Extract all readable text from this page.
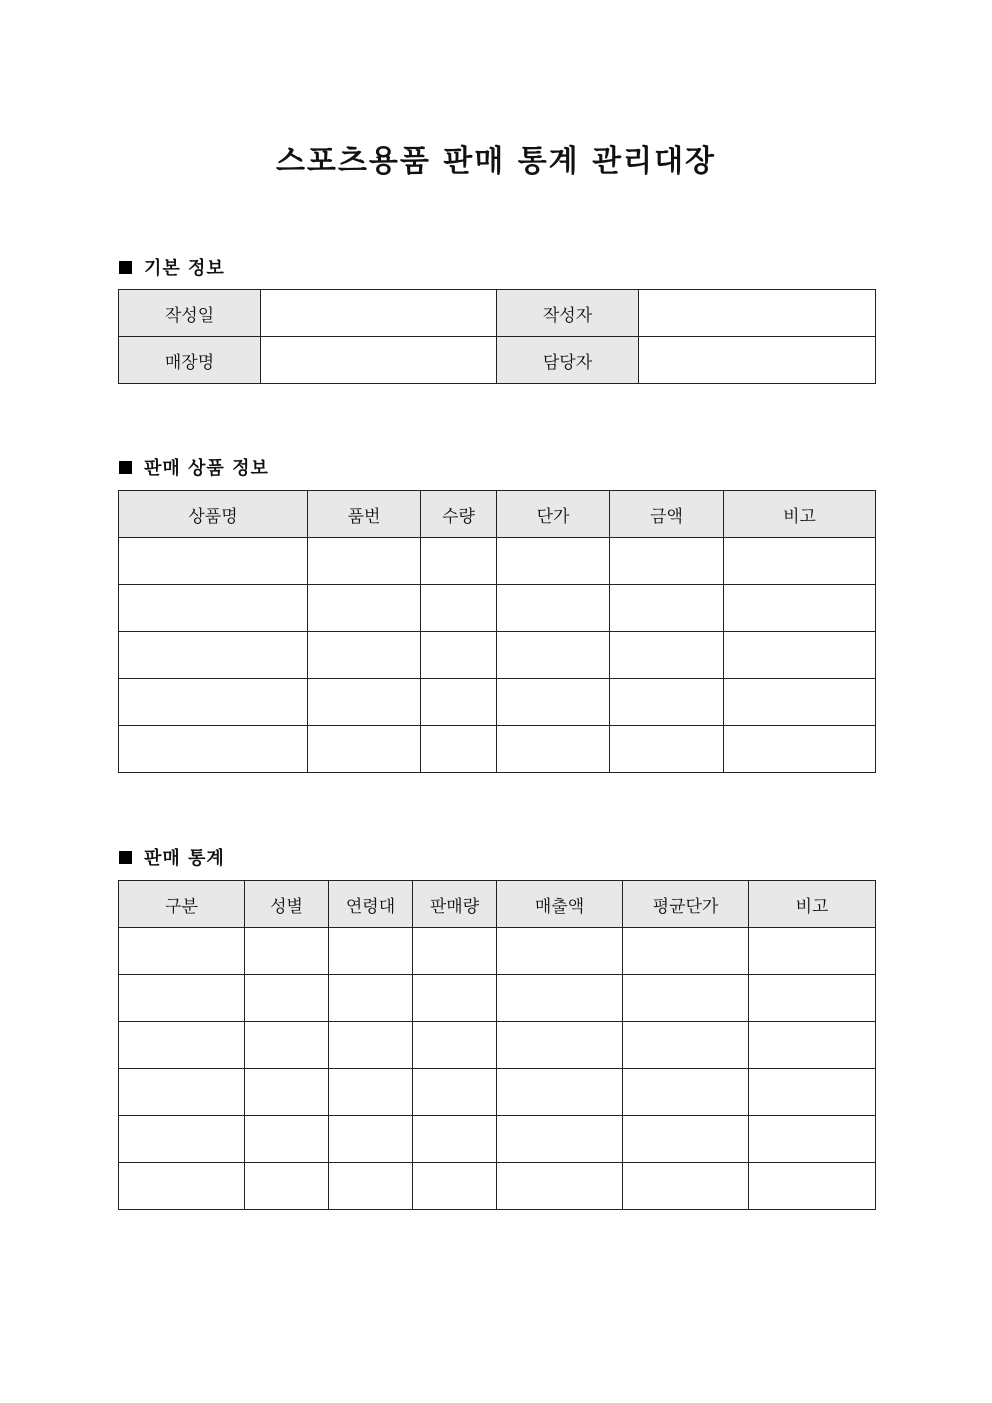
스포츠용품 판매 통계 관리대장
기본 정보
작성일		작성자	
매장명		담당자	
판매 상품 정보
상품명	품번	수량	단가	금액	비고

판매 통계
구분	성별	연령대	판매량	매출액	평균단가	비고
